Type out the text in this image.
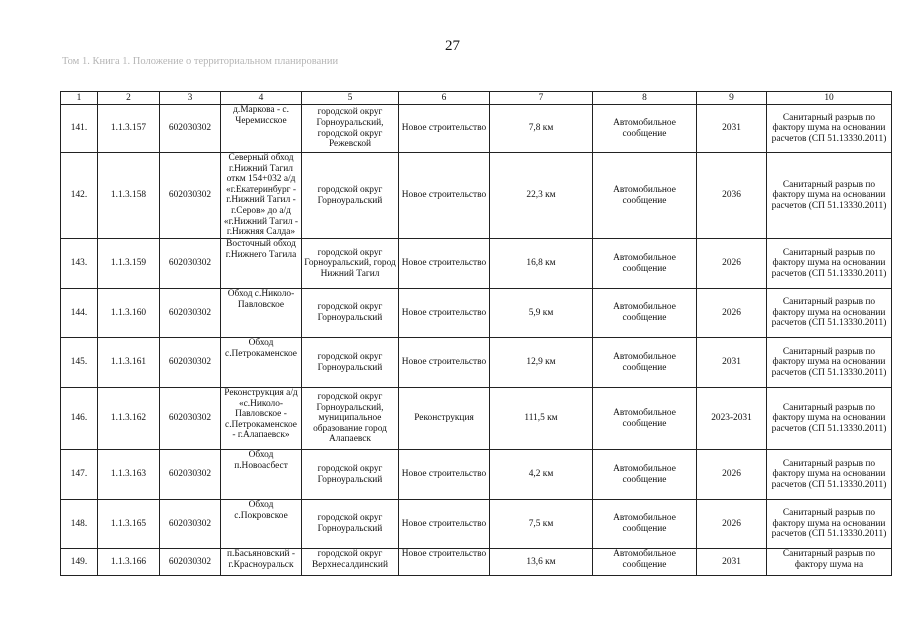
27
Том 1. Книга 1. Положение о территориальном планировании
1	2	3	4	5	6	7	8	9	10
141.	1.1.3.157	602030302	д.Маркова - с. Черемисское	городской округ Горноуральский, городской округ Режевской	Новое строительство	7,8 км	Автомобильное сообщение	2031	Санитарный разрыв по фактору шума на основании расчетов (СП 51.13330.2011)
142.	1.1.3.158	602030302	Северный обход г.Нижний Тагил откм 154+032 а/д «г.Екатеринбург - г.Нижний Тагил - г.Серов» до а/д «г.Нижний Тагил - г.Нижняя Салда»	городской округ Горноуральский	Новое строительство	22,3 км	Автомобильное сообщение	2036	Санитарный разрыв по фактору шума на основании расчетов (СП 51.13330.2011)
143.	1.1.3.159	602030302	Восточный обход г.Нижнего Тагила	городской округ Горноуральский, город Нижний Тагил	Новое строительство	16,8 км	Автомобильное сообщение	2026	Санитарный разрыв по фактору шума на основании расчетов (СП 51.13330.2011)
144.	1.1.3.160	602030302	Обход с.Николо-Павловское	городской округ Горноуральский	Новое строительство	5,9 км	Автомобильное сообщение	2026	Санитарный разрыв по фактору шума на основании расчетов (СП 51.13330.2011)
145.	1.1.3.161	602030302	Обход с.Петрокаменское	городской округ Горноуральский	Новое строительство	12,9 км	Автомобильное сообщение	2031	Санитарный разрыв по фактору шума на основании расчетов (СП 51.13330.2011)
146.	1.1.3.162	602030302	Реконструкция а/д «с.Николо-Павловское - с.Петрокаменское - г.Алапаевск»	городской округ Горноуральский, муниципальное образование город Алапаевск	Реконструкция	111,5 км	Автомобильное сообщение	2023-2031	Санитарный разрыв по фактору шума на основании расчетов (СП 51.13330.2011)
147.	1.1.3.163	602030302	Обход п.Новоасбест	городской округ Горноуральский	Новое строительство	4,2 км	Автомобильное сообщение	2026	Санитарный разрыв по фактору шума на основании расчетов (СП 51.13330.2011)
148.	1.1.3.165	602030302	Обход с.Покровское	городской округ Горноуральский	Новое строительство	7,5 км	Автомобильное сообщение	2026	Санитарный разрыв по фактору шума на основании расчетов (СП 51.13330.2011)
149.	1.1.3.166	602030302	п.Басьяновский - г.Красноуральск	городской округ Верхнесалдинский	Новое строительство	13,6 км	Автомобильное сообщение	2031	Санитарный разрыв по фактору шума на
